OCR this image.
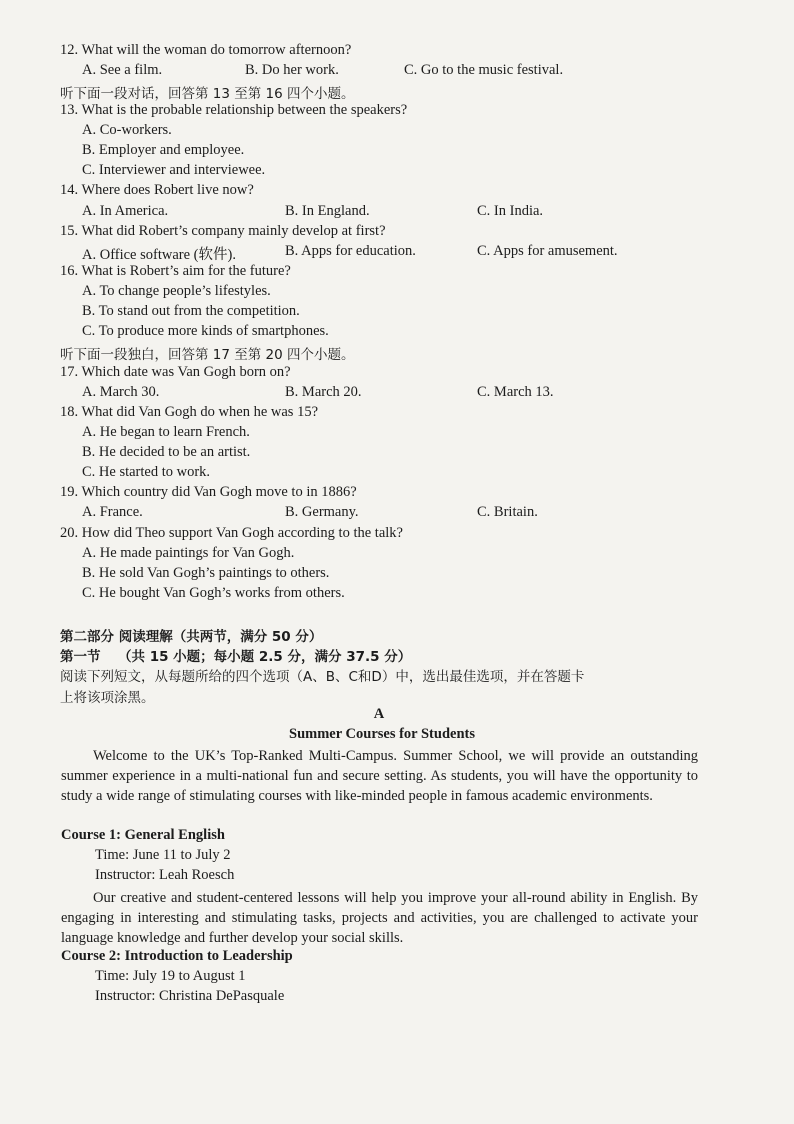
12. What will the woman do tomorrow afternoon?
A. See a film.	B. Do her work.	C. Go to the music festival.
听下面一段对话，回答第 13 至第 16 四个小题。
13. What is the probable relationship between the speakers?
A. Co-workers.
B. Employer and employee.
C. Interviewer and interviewee.
14. Where does Robert live now?
A. In America.	B. In England.	C. In India.
15. What did Robert’s company mainly develop at first?
A. Office software (软件).	B. Apps for education.	C. Apps for amusement.
16. What is Robert’s aim for the future?
A. To change people’s lifestyles.
B. To stand out from the competition.
C. To produce more kinds of smartphones.
听下面一段独白，回答第 17 至第 20 四个小题。
17. Which date was Van Gogh born on?
A. March 30.	B. March 20.	C. March 13.
18. What did Van Gogh do when he was 15?
A. He began to learn French.
B. He decided to be an artist.
C. He started to work.
19. Which country did Van Gogh move to in 1886?
A. France.	B. Germany.	C. Britain.
20. How did Theo support Van Gogh according to the talk?
A. He made paintings for Van Gogh.
B. He sold Van Gogh’s paintings to others.
C. He bought Van Gogh’s works from others.
第二部分 阅读理解（共两节，满分 50 分）
第一节 （共 15 小题；每小题 2.5 分，满分 37.5 分）
阅读下列短文，从每题所给的四个选项（A、B、C和D）中，选出最佳选项，并在答题卡
上将该项涂黑。
A
Summer Courses for Students
Welcome to the UK’s Top-Ranked Multi-Campus. Summer School, we will provide an outstanding summer experience in a multi-national fun and secure setting. As students, you will have the opportunity to study a wide range of stimulating courses with like-minded people in famous academic environments.
Course 1: General English
Time: June 11 to July 2
Instructor: Leah Roesch
Our creative and student-centered lessons will help you improve your all-round ability in English. By engaging in interesting and stimulating tasks, projects and activities, you are challenged to activate your language knowledge and further develop your social skills.
Course 2: Introduction to Leadership
Time: July 19 to August 1
Instructor: Christina DePasquale
